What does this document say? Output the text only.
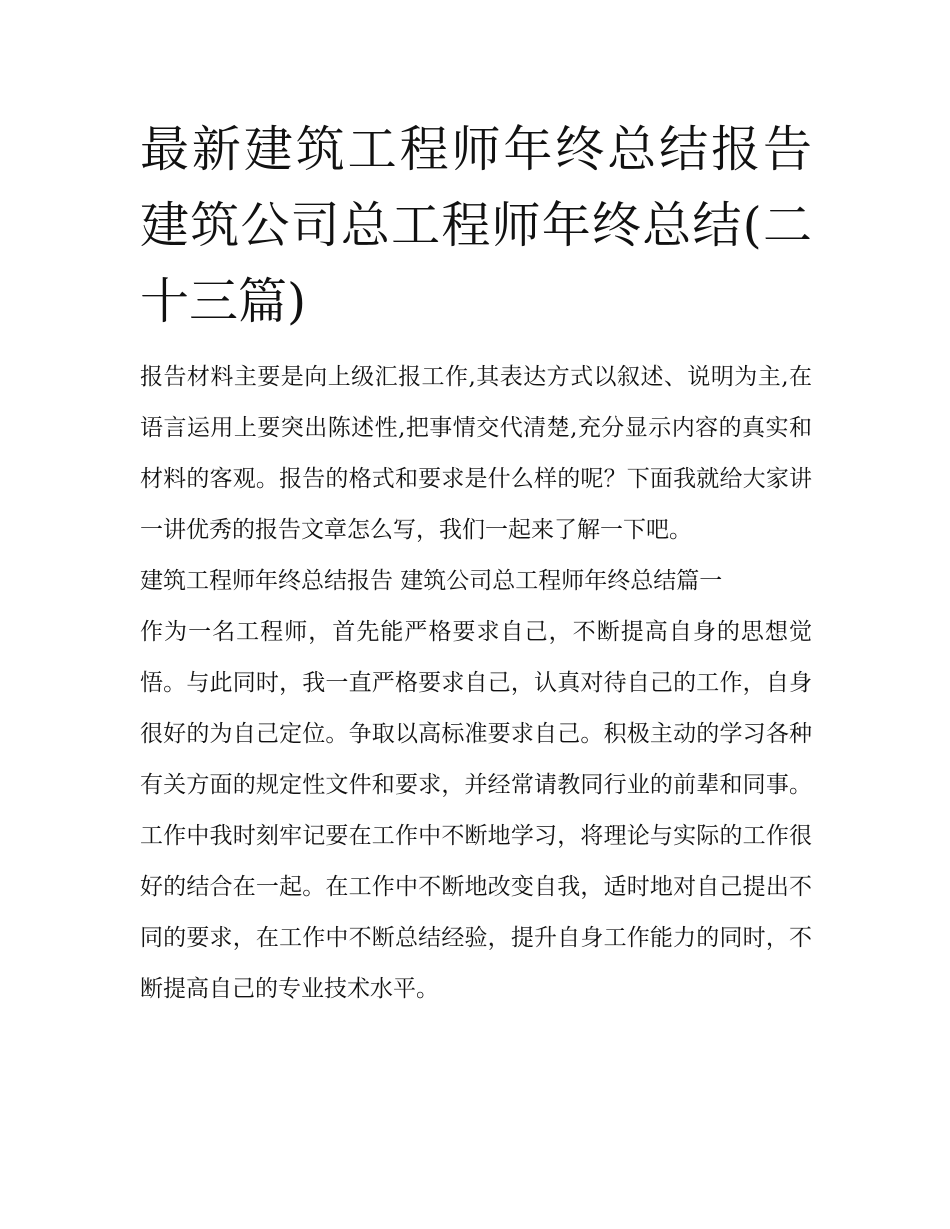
最新建筑工程师年终总结报告 建筑公司总工程师年终总结(二十三篇)

报告材料主要是向上级汇报工作,其表达方式以叙述、说明为主,在语言运用上要突出陈述性,把事情交代清楚,充分显示内容的真实和材料的客观。报告的格式和要求是什么样的呢？下面我就给大家讲一讲优秀的报告文章怎么写，我们一起来了解一下吧。

建筑工程师年终总结报告 建筑公司总工程师年终总结篇一

作为一名工程师，首先能严格要求自己，不断提高自身的思想觉悟。与此同时，我一直严格要求自己，认真对待自己的工作，自身很好的为自己定位。争取以高标准要求自己。积极主动的学习各种有关方面的规定性文件和要求，并经常请教同行业的前辈和同事。工作中我时刻牢记要在工作中不断地学习，将理论与实际的工作很好的结合在一起。在工作中不断地改变自我，适时地对自己提出不同的要求，在工作中不断总结经验，提升自身工作能力的同时，不断提高自己的专业技术水平。
